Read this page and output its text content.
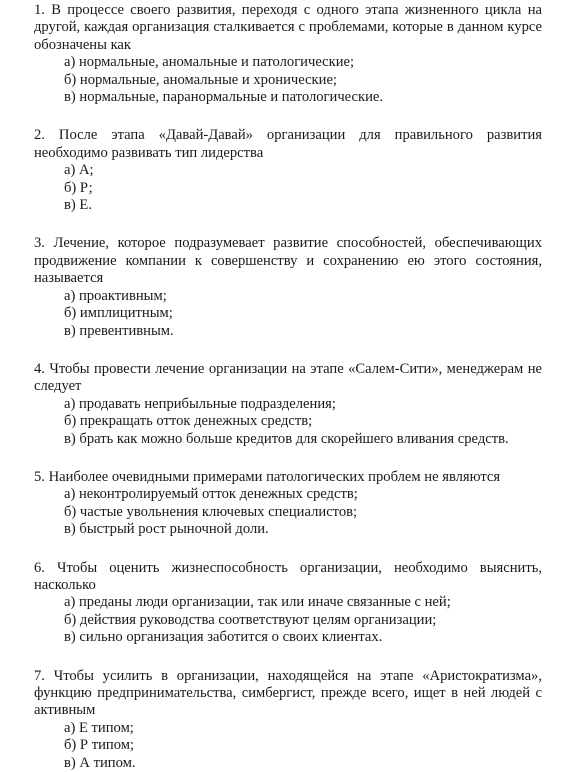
1. В процессе своего развития, переходя с одного этапа жизненного цикла на другой, каждая организация сталкивается с проблемами, которые в данном курсе обозначены как

а) нормальные, аномальные и патологические;
б) нормальные, аномальные и хронические;
в) нормальные, паранормальные и патологические.

2. После этапа «Давай-Давай» организации для правильного развития необходимо развивать тип лидерства

а) А;
б) Р;
в) Е.

3. Лечение, которое подразумевает развитие способностей, обеспечивающих продвижение компании к совершенству и сохранению ею этого состояния, называется

а) проактивным;
б) имплицитным;
в) превентивным.

4. Чтобы провести лечение организации на этапе «Салем-Сити», менеджерам не следует

а) продавать неприбыльные подразделения;
б) прекращать отток денежных средств;
в) брать как можно больше кредитов для скорейшего вливания средств.

5. Наиболее очевидными примерами патологических проблем не являются

а) неконтролируемый отток денежных средств;
б) частые увольнения ключевых специалистов;
в) быстрый рост рыночной доли.

6. Чтобы оценить жизнеспособность организации, необходимо выяснить, насколько

а) преданы люди организации, так или иначе связанные с ней;
б) действия руководства соответствуют целям организации;
в) сильно организация заботится о своих клиентах.

7. Чтобы усилить в организации, находящейся на этапе «Аристократизма», функцию предпринимательства, симбергист, прежде всего, ищет в ней людей с активным

а) Е типом;
б) Р типом;
в) А типом.
